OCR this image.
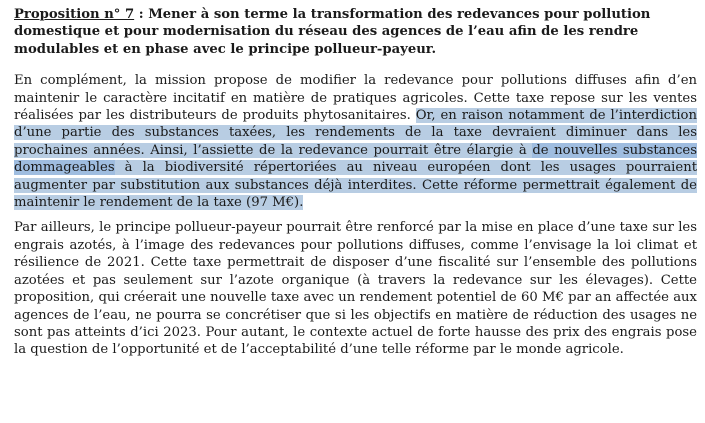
Proposition n° 7 : Mener à son terme la transformation des redevances pour pollution domestique et pour modernisation du réseau des agences de l’eau afin de les rendre modulables et en phase avec le principe pollueur-payeur.

En complément, la mission propose de modifier la redevance pour pollutions diffuses afin d’en maintenir le caractère incitatif en matière de pratiques agricoles. Cette taxe repose sur les ventes réalisées par les distributeurs de produits phytosanitaires. Or, en raison notamment de l’interdiction d’une partie des substances taxées, les rendements de la taxe devraient diminuer dans les prochaines années. Ainsi, l’assiette de la redevance pourrait être élargie à de nouvelles substances dommageables à la biodiversité répertoriées au niveau européen dont les usages pourraient augmenter par substitution aux substances déjà interdites. Cette réforme permettrait également de maintenir le rendement de la taxe (97 M€).

Par ailleurs, le principe pollueur-payeur pourrait être renforcé par la mise en place d’une taxe sur les engrais azotés, à l’image des redevances pour pollutions diffuses, comme l’envisage la loi climat et résilience de 2021. Cette taxe permettrait de disposer d’une fiscalité sur l’ensemble des pollutions azotées et pas seulement sur l’azote organique (à travers la redevance sur les élevages). Cette proposition, qui créerait une nouvelle taxe avec un rendement potentiel de 60 M€ par an affectée aux agences de l’eau, ne pourra se concrétiser que si les objectifs en matière de réduction des usages ne sont pas atteints d’ici 2023. Pour autant, le contexte actuel de forte hausse des prix des engrais pose la question de l’opportunité et de l’acceptabilité d’une telle réforme par le monde agricole.
